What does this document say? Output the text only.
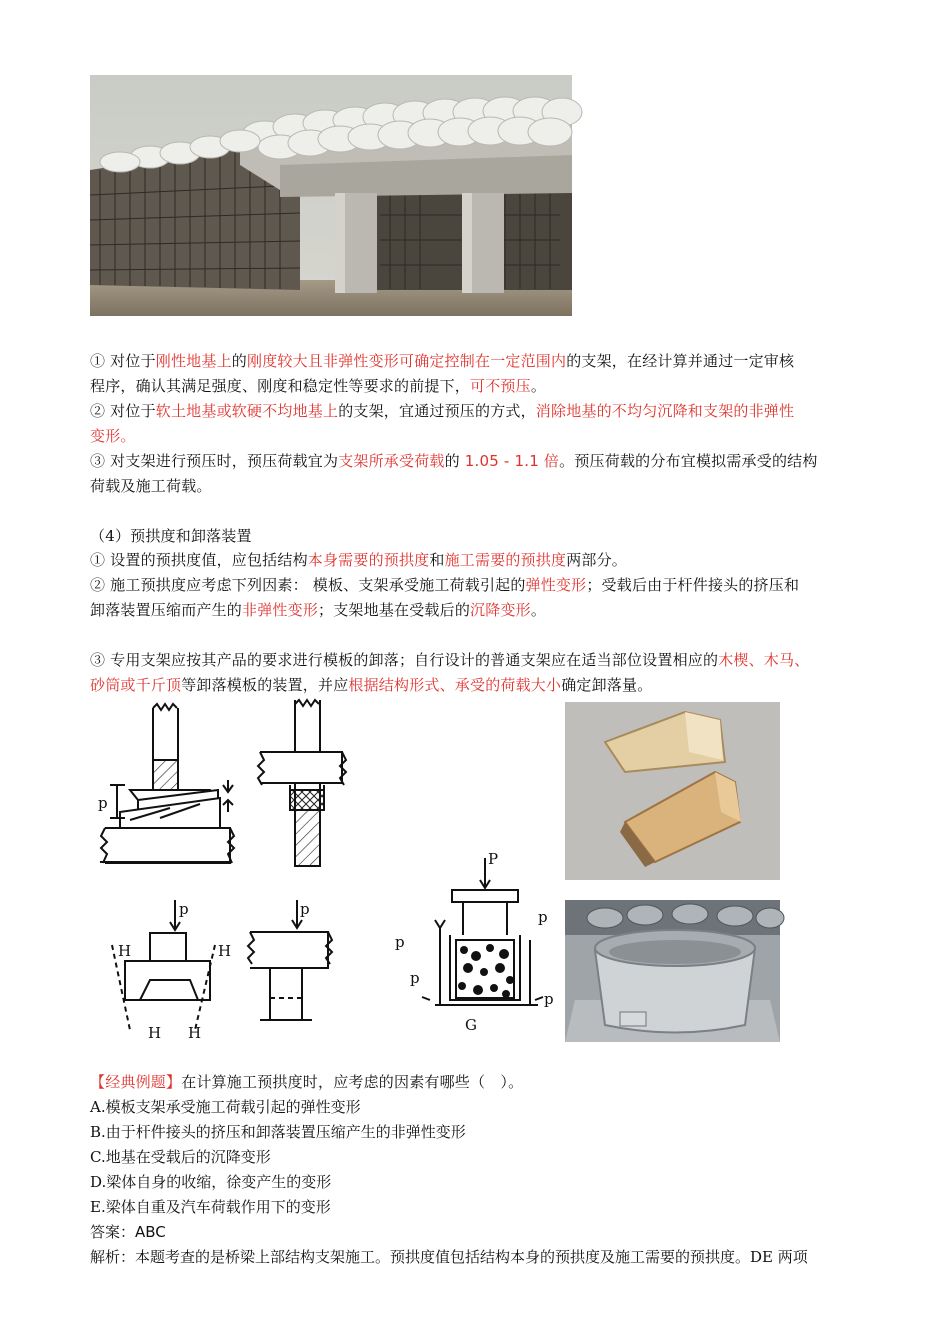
① 对位于刚性地基上的刚度较大且非弹性变形可确定控制在一定范围内的支架，在经计算并通过一定审核
程序，确认其满足强度、刚度和稳定性等要求的前提下，可不预压。
② 对位于软土地基或软硬不均地基上的支架，宜通过预压的方式，消除地基的不均匀沉降和支架的非弹性
变形。
③ 对支架进行预压时，预压荷载宜为支架所承受荷载的 1.05 - 1.1 倍。预压荷载的分布宜模拟需承受的结构
荷载及施工荷载。
（4）预拱度和卸落装置
① 设置的预拱度值，应包括结构本身需要的预拱度和施工需要的预拱度两部分。
② 施工预拱度应考虑下列因素： 模板、支架承受施工荷载引起的弹性变形；受载后由于杆件接头的挤压和
卸落装置压缩而产生的非弹性变形；支架地基在受载后的沉降变形。
③ 专用支架应按其产品的要求进行模板的卸落；自行设计的普通支架应在适当部位设置相应的木楔、木马、
砂筒或千斤顶等卸落模板的装置，并应根据结构形式、承受的荷载大小确定卸落量。
p
p	p
H	H
H H
P
p
p
p
p
G
【经典例题】在计算施工预拱度时，应考虑的因素有哪些（　）。
A.模板支架承受施工荷载引起的弹性变形
B.由于杆件接头的挤压和卸落装置压缩产生的非弹性变形
C.地基在受载后的沉降变形
D.梁体自身的收缩，徐变产生的变形
E.梁体自重及汽车荷载作用下的变形
答案：ABC
解析：本题考查的是桥梁上部结构支架施工。预拱度值包括结构本身的预拱度及施工需要的预拱度。DE 两项
